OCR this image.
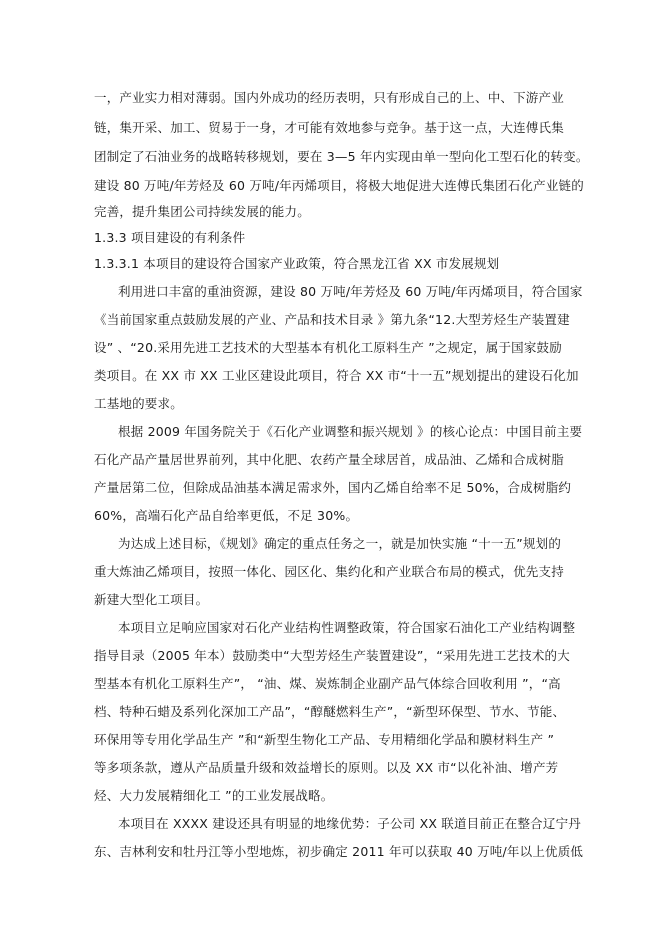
一，产业实力相对薄弱。国内外成功的经历表明，只有形成自己的上、中、下游产业
链，集开采、加工、贸易于一身，才可能有效地参与竞争。基于这一点，大连傅氏集
团制定了石油业务的战略转移规划，要在 3—5 年内实现由单一型向化工型石化的转变。
建设 80 万吨/年芳烃及 60 万吨/年丙烯项目，将极大地促进大连傅氏集团石化产业链的
完善，提升集团公司持续发展的能力。
1.3.3 项目建设的有利条件
1.3.3.1 本项目的建设符合国家产业政策，符合黑龙江省 XX 市发展规划
利用进口丰富的重油资源，建设 80 万吨/年芳烃及 60 万吨/年丙烯项目，符合国家
《当前国家重点鼓励发展的产业、产品和技术目录 》第九条“12.大型芳烃生产装置建
设” 、“20.采用先进工艺技术的大型基本有机化工原料生产 ”之规定，属于国家鼓励
类项目。在 XX 市 XX 工业区建设此项目，符合 XX 市“十一五”规划提出的建设石化加
工基地的要求。
根据 2009 年国务院关于《石化产业调整和振兴规划 》的核心论点：中国目前主要
石化产品产量居世界前列，其中化肥、农药产量全球居首，成品油、乙烯和合成树脂
产量居第二位，但除成品油基本满足需求外，国内乙烯自给率不足 50%，合成树脂约
60%，高端石化产品自给率更低，不足 30%。
为达成上述目标，《规划》确定的重点任务之一，就是加快实施 “十一五”规划的
重大炼油乙烯项目，按照一体化、园区化、集约化和产业联合布局的模式，优先支持
新建大型化工项目。
本项目立足响应国家对石化产业结构性调整政策，符合国家石油化工产业结构调整
指导目录（2005 年本）鼓励类中“大型芳烃生产装置建设”，“采用先进工艺技术的大
型基本有机化工原料生产”， “油、煤、炭炼制企业副产品气体综合回收利用 ”，“高
档、特种石蜡及系列化深加工产品”，“醇醚燃料生产”，“新型环保型、节水、节能、
环保用等专用化学品生产 ”和“新型生物化工产品、专用精细化学品和膜材料生产 ”
等多项条款，遵从产品质量升级和效益增长的原则。以及 XX 市“以化补油、增产芳
烃、大力发展精细化工 ”的工业发展战略。
本项目在 XXXX 建设还具有明显的地缘优势：子公司 XX 联道目前正在整合辽宁丹
东、吉林利安和牡丹江等小型地炼，初步确定 2011 年可以获取 40 万吨/年以上优质低
